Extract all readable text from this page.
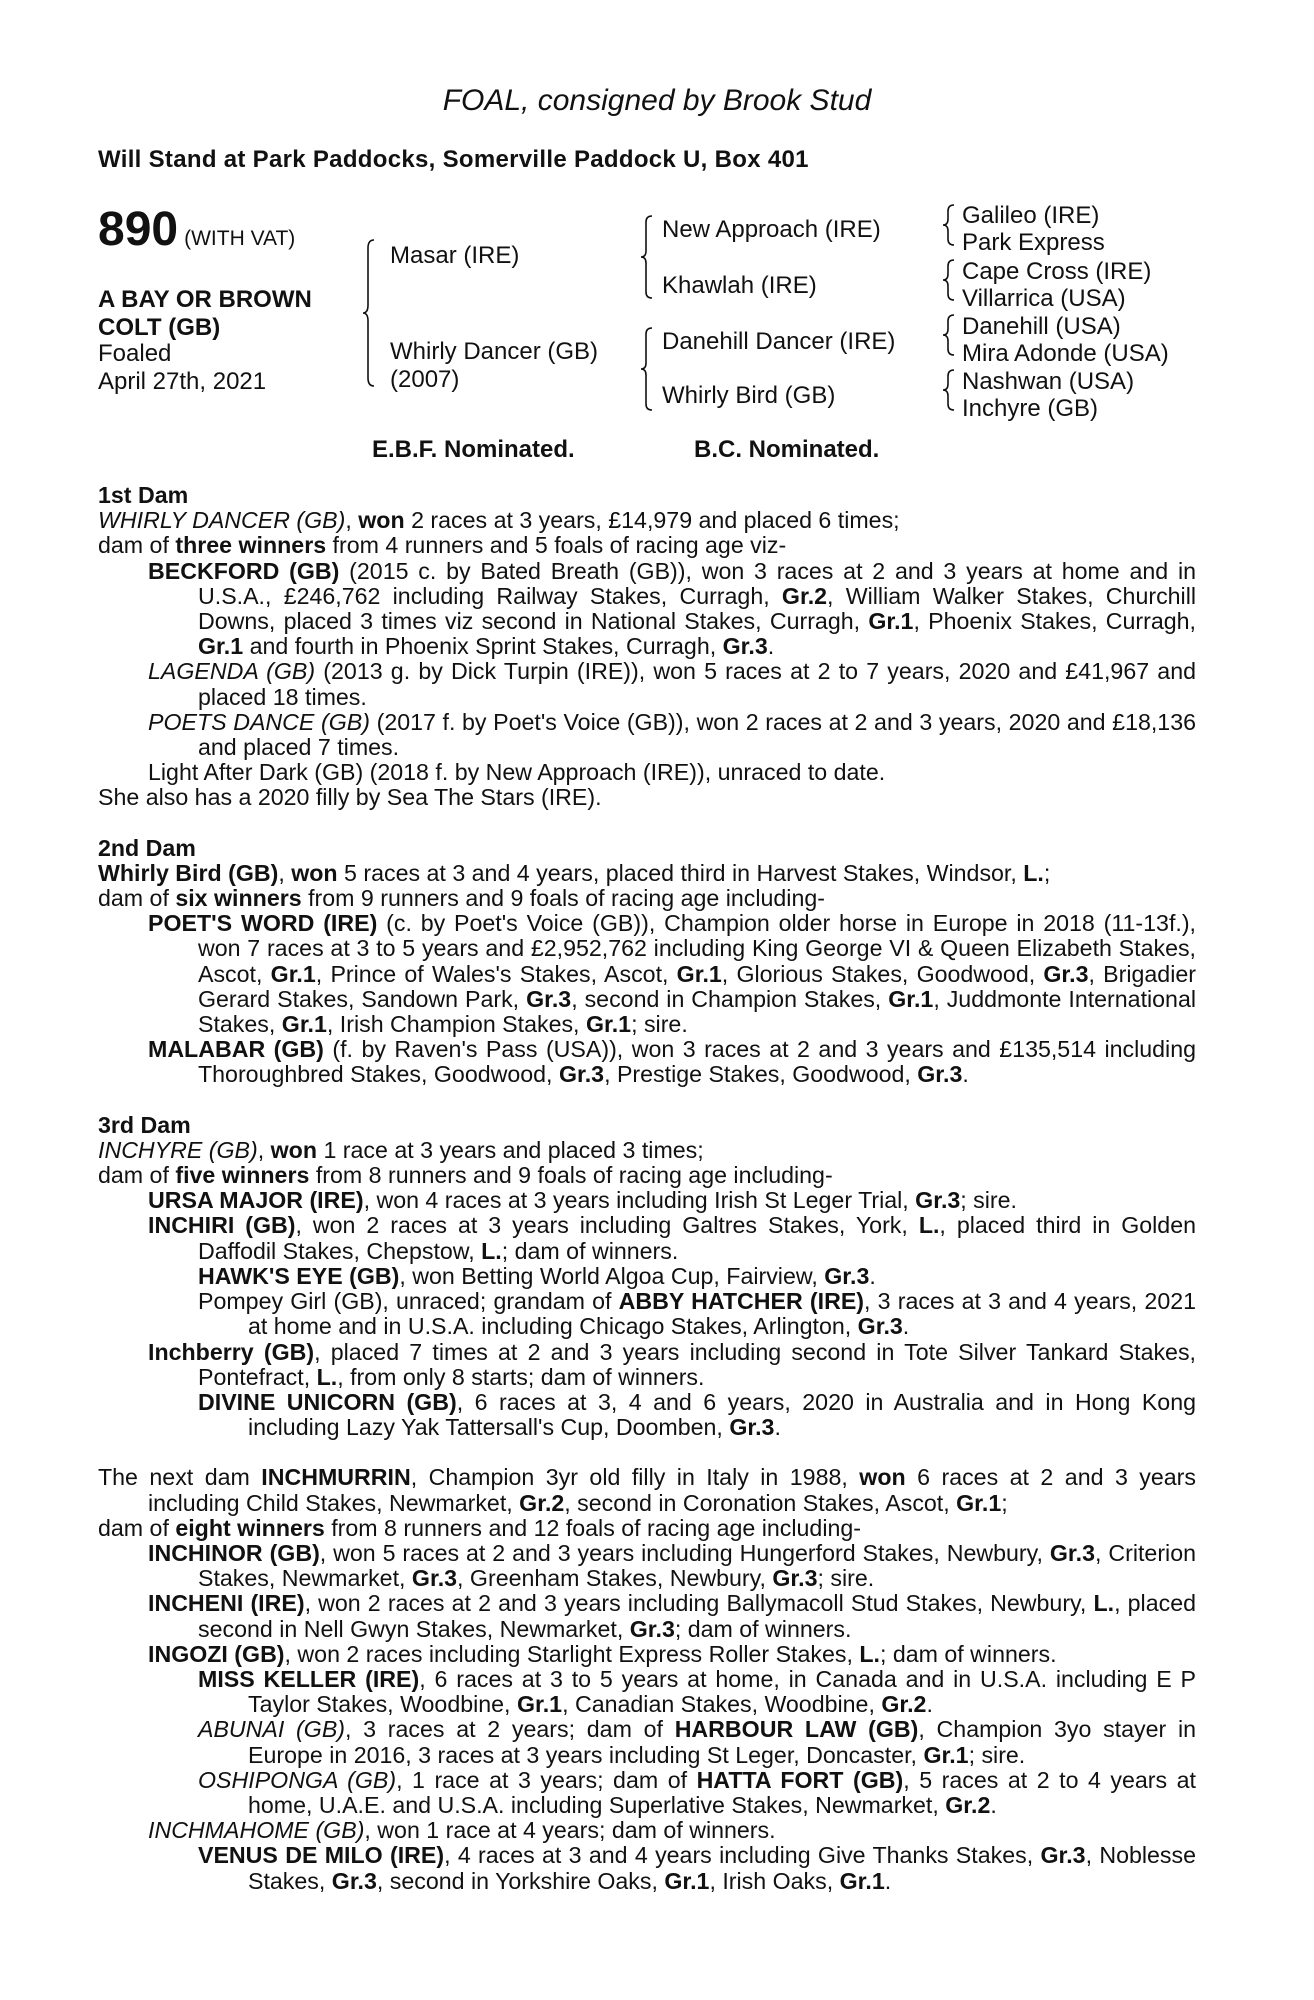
FOAL, consigned by Brook Stud
Will Stand at Park Paddocks, Somerville Paddock U, Box 401
890 (WITH VAT)
A BAY OR BROWN
COLT (GB)
Foaled
April 27th, 2021
Masar (IRE)
Whirly Dancer (GB)
(2007)
New Approach (IRE)
Khawlah (IRE)
Danehill Dancer (IRE)
Whirly Bird (GB)
Galileo (IRE)
Park Express
Cape Cross (IRE)
Villarrica (USA)
Danehill (USA)
Mira Adonde (USA)
Nashwan (USA)
Inchyre (GB)
E.B.F. Nominated.	B.C. Nominated.
1st Dam
WHIRLY DANCER (GB), won 2 races at 3 years, £14,979 and placed 6 times;
dam of three winners from 4 runners and 5 foals of racing age viz-
BECKFORD (GB) (2015 c. by Bated Breath (GB)), won 3 races at 2 and 3 years at home and in U.S.A., £246,762 including Railway Stakes, Curragh, Gr.2, William Walker Stakes, Churchill Downs, placed 3 times viz second in National Stakes, Curragh, Gr.1, Phoenix Stakes, Curragh, Gr.1 and fourth in Phoenix Sprint Stakes, Curragh, Gr.3.
LAGENDA (GB) (2013 g. by Dick Turpin (IRE)), won 5 races at 2 to 7 years, 2020 and £41,967 and placed 18 times.
POETS DANCE (GB) (2017 f. by Poet's Voice (GB)), won 2 races at 2 and 3 years, 2020 and £18,136 and placed 7 times.
Light After Dark (GB) (2018 f. by New Approach (IRE)), unraced to date.
She also has a 2020 filly by Sea The Stars (IRE).
2nd Dam
Whirly Bird (GB), won 5 races at 3 and 4 years, placed third in Harvest Stakes, Windsor, L.;
dam of six winners from 9 runners and 9 foals of racing age including-
POET'S WORD (IRE) (c. by Poet's Voice (GB)), Champion older horse in Europe in 2018 (11-13f.), won 7 races at 3 to 5 years and £2,952,762 including King George VI & Queen Elizabeth Stakes, Ascot, Gr.1, Prince of Wales's Stakes, Ascot, Gr.1, Glorious Stakes, Goodwood, Gr.3, Brigadier Gerard Stakes, Sandown Park, Gr.3, second in Champion Stakes, Gr.1, Juddmonte International Stakes, Gr.1, Irish Champion Stakes, Gr.1; sire.
MALABAR (GB) (f. by Raven's Pass (USA)), won 3 races at 2 and 3 years and £135,514 including Thoroughbred Stakes, Goodwood, Gr.3, Prestige Stakes, Goodwood, Gr.3.
3rd Dam
INCHYRE (GB), won 1 race at 3 years and placed 3 times;
dam of five winners from 8 runners and 9 foals of racing age including-
URSA MAJOR (IRE), won 4 races at 3 years including Irish St Leger Trial, Gr.3; sire.
INCHIRI (GB), won 2 races at 3 years including Galtres Stakes, York, L., placed third in Golden Daffodil Stakes, Chepstow, L.; dam of winners.
HAWK'S EYE (GB), won Betting World Algoa Cup, Fairview, Gr.3.
Pompey Girl (GB), unraced; grandam of ABBY HATCHER (IRE), 3 races at 3 and 4 years, 2021 at home and in U.S.A. including Chicago Stakes, Arlington, Gr.3.
Inchberry (GB), placed 7 times at 2 and 3 years including second in Tote Silver Tankard Stakes, Pontefract, L., from only 8 starts; dam of winners.
DIVINE UNICORN (GB), 6 races at 3, 4 and 6 years, 2020 in Australia and in Hong Kong including Lazy Yak Tattersall's Cup, Doomben, Gr.3.
The next dam INCHMURRIN, Champion 3yr old filly in Italy in 1988, won 6 races at 2 and 3 years including Child Stakes, Newmarket, Gr.2, second in Coronation Stakes, Ascot, Gr.1;
dam of eight winners from 8 runners and 12 foals of racing age including-
INCHINOR (GB), won 5 races at 2 and 3 years including Hungerford Stakes, Newbury, Gr.3, Criterion Stakes, Newmarket, Gr.3, Greenham Stakes, Newbury, Gr.3; sire.
INCHENI (IRE), won 2 races at 2 and 3 years including Ballymacoll Stud Stakes, Newbury, L., placed second in Nell Gwyn Stakes, Newmarket, Gr.3; dam of winners.
INGOZI (GB), won 2 races including Starlight Express Roller Stakes, L.; dam of winners.
MISS KELLER (IRE), 6 races at 3 to 5 years at home, in Canada and in U.S.A. including E P Taylor Stakes, Woodbine, Gr.1, Canadian Stakes, Woodbine, Gr.2.
ABUNAI (GB), 3 races at 2 years; dam of HARBOUR LAW (GB), Champion 3yo stayer in Europe in 2016, 3 races at 3 years including St Leger, Doncaster, Gr.1; sire.
OSHIPONGA (GB), 1 race at 3 years; dam of HATTA FORT (GB), 5 races at 2 to 4 years at home, U.A.E. and U.S.A. including Superlative Stakes, Newmarket, Gr.2.
INCHMAHOME (GB), won 1 race at 4 years; dam of winners.
VENUS DE MILO (IRE), 4 races at 3 and 4 years including Give Thanks Stakes, Gr.3, Noblesse Stakes, Gr.3, second in Yorkshire Oaks, Gr.1, Irish Oaks, Gr.1.
